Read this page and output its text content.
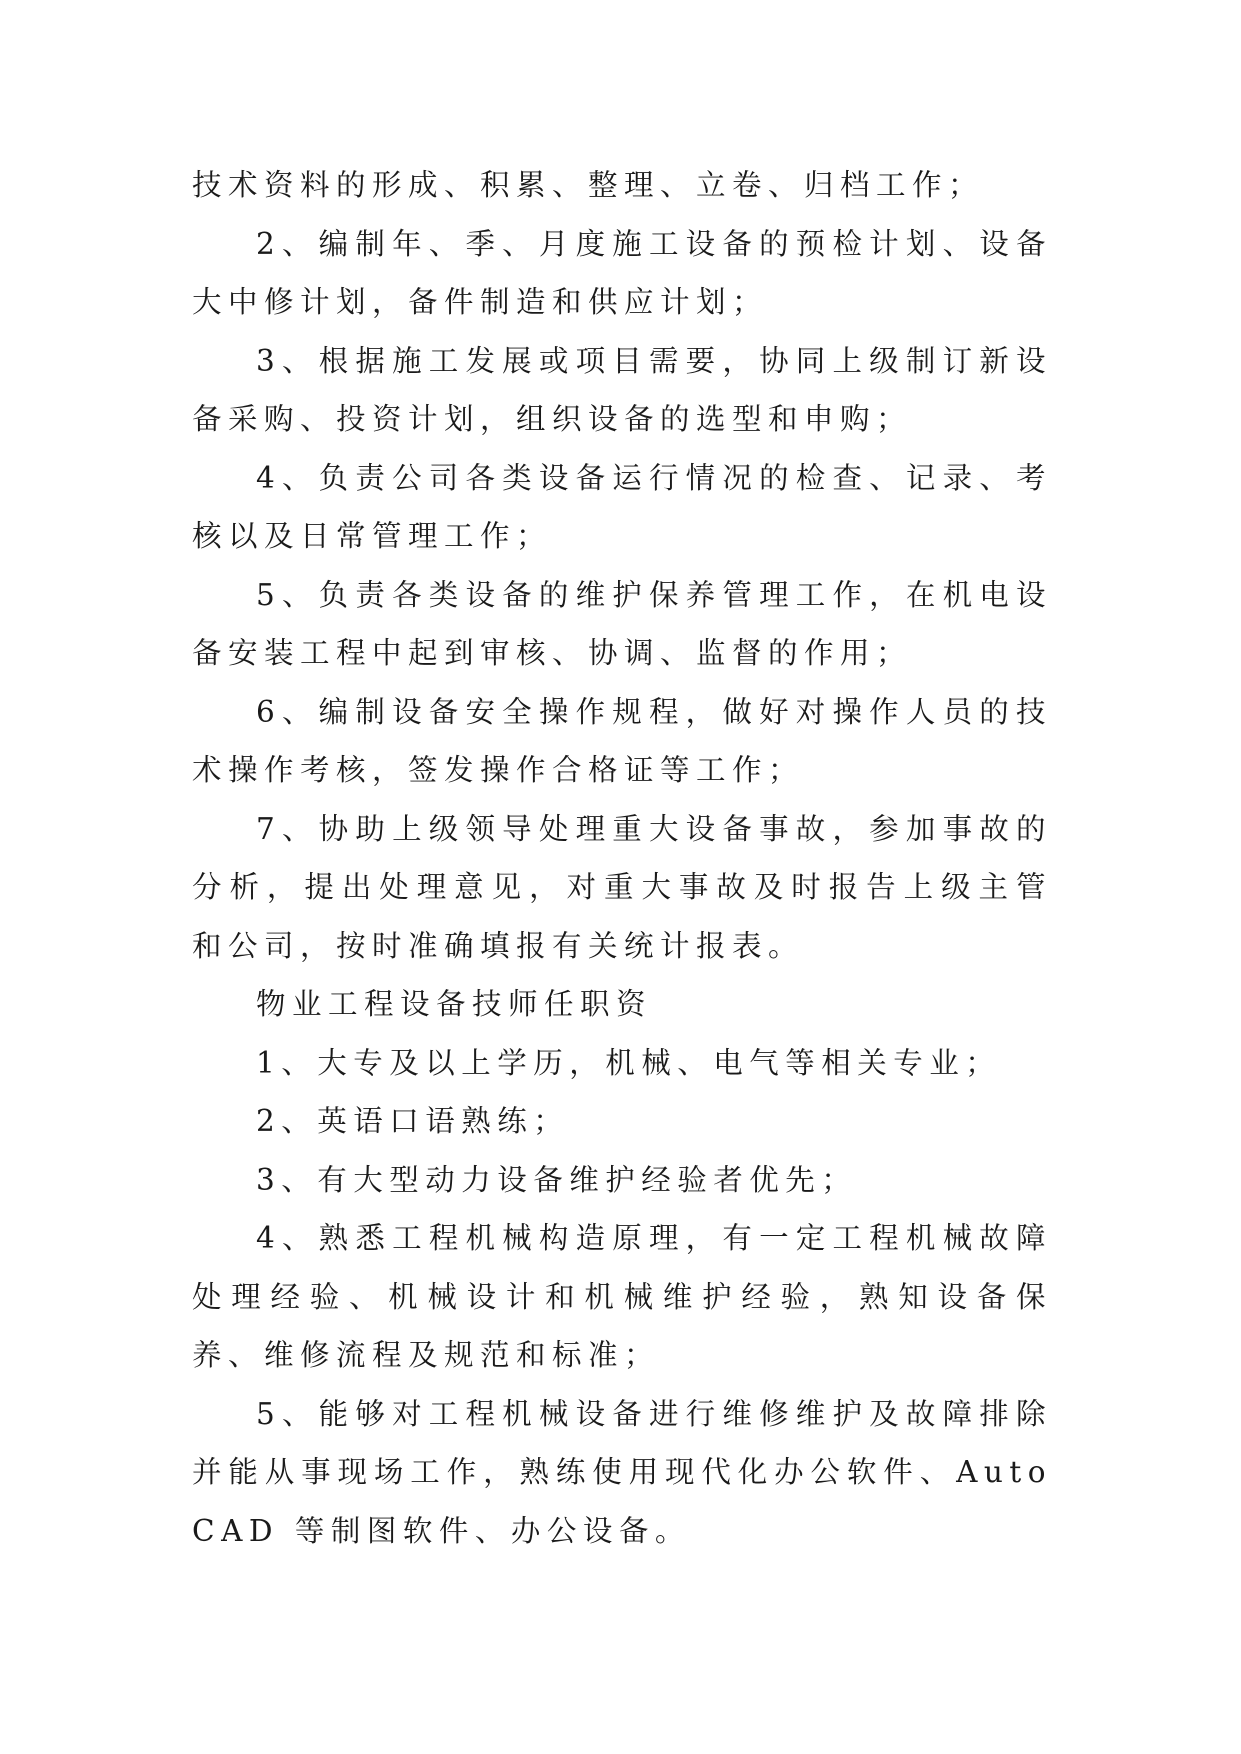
技术资料的形成、积累、整理、立卷、归档工作；

2、编制年、季、月度施工设备的预检计划、设备大中修计划，备件制造和供应计划；

3、根据施工发展或项目需要，协同上级制订新设备采购、投资计划，组织设备的选型和申购；

4、负责公司各类设备运行情况的检查、记录、考核以及日常管理工作；

5、负责各类设备的维护保养管理工作，在机电设备安装工程中起到审核、协调、监督的作用；

6、编制设备安全操作规程，做好对操作人员的技术操作考核，签发操作合格证等工作；

7、协助上级领导处理重大设备事故，参加事故的分析，提出处理意见，对重大事故及时报告上级主管和公司，按时准确填报有关统计报表。

物业工程设备技师任职资

1、大专及以上学历，机械、电气等相关专业；

2、英语口语熟练；

3、有大型动力设备维护经验者优先；

4、熟悉工程机械构造原理，有一定工程机械故障处理经验、机械设计和机械维护经验，熟知设备保养、维修流程及规范和标准；

5、能够对工程机械设备进行维修维护及故障排除并能从事现场工作，熟练使用现代化办公软件、Auto CAD 等制图软件、办公设备。
